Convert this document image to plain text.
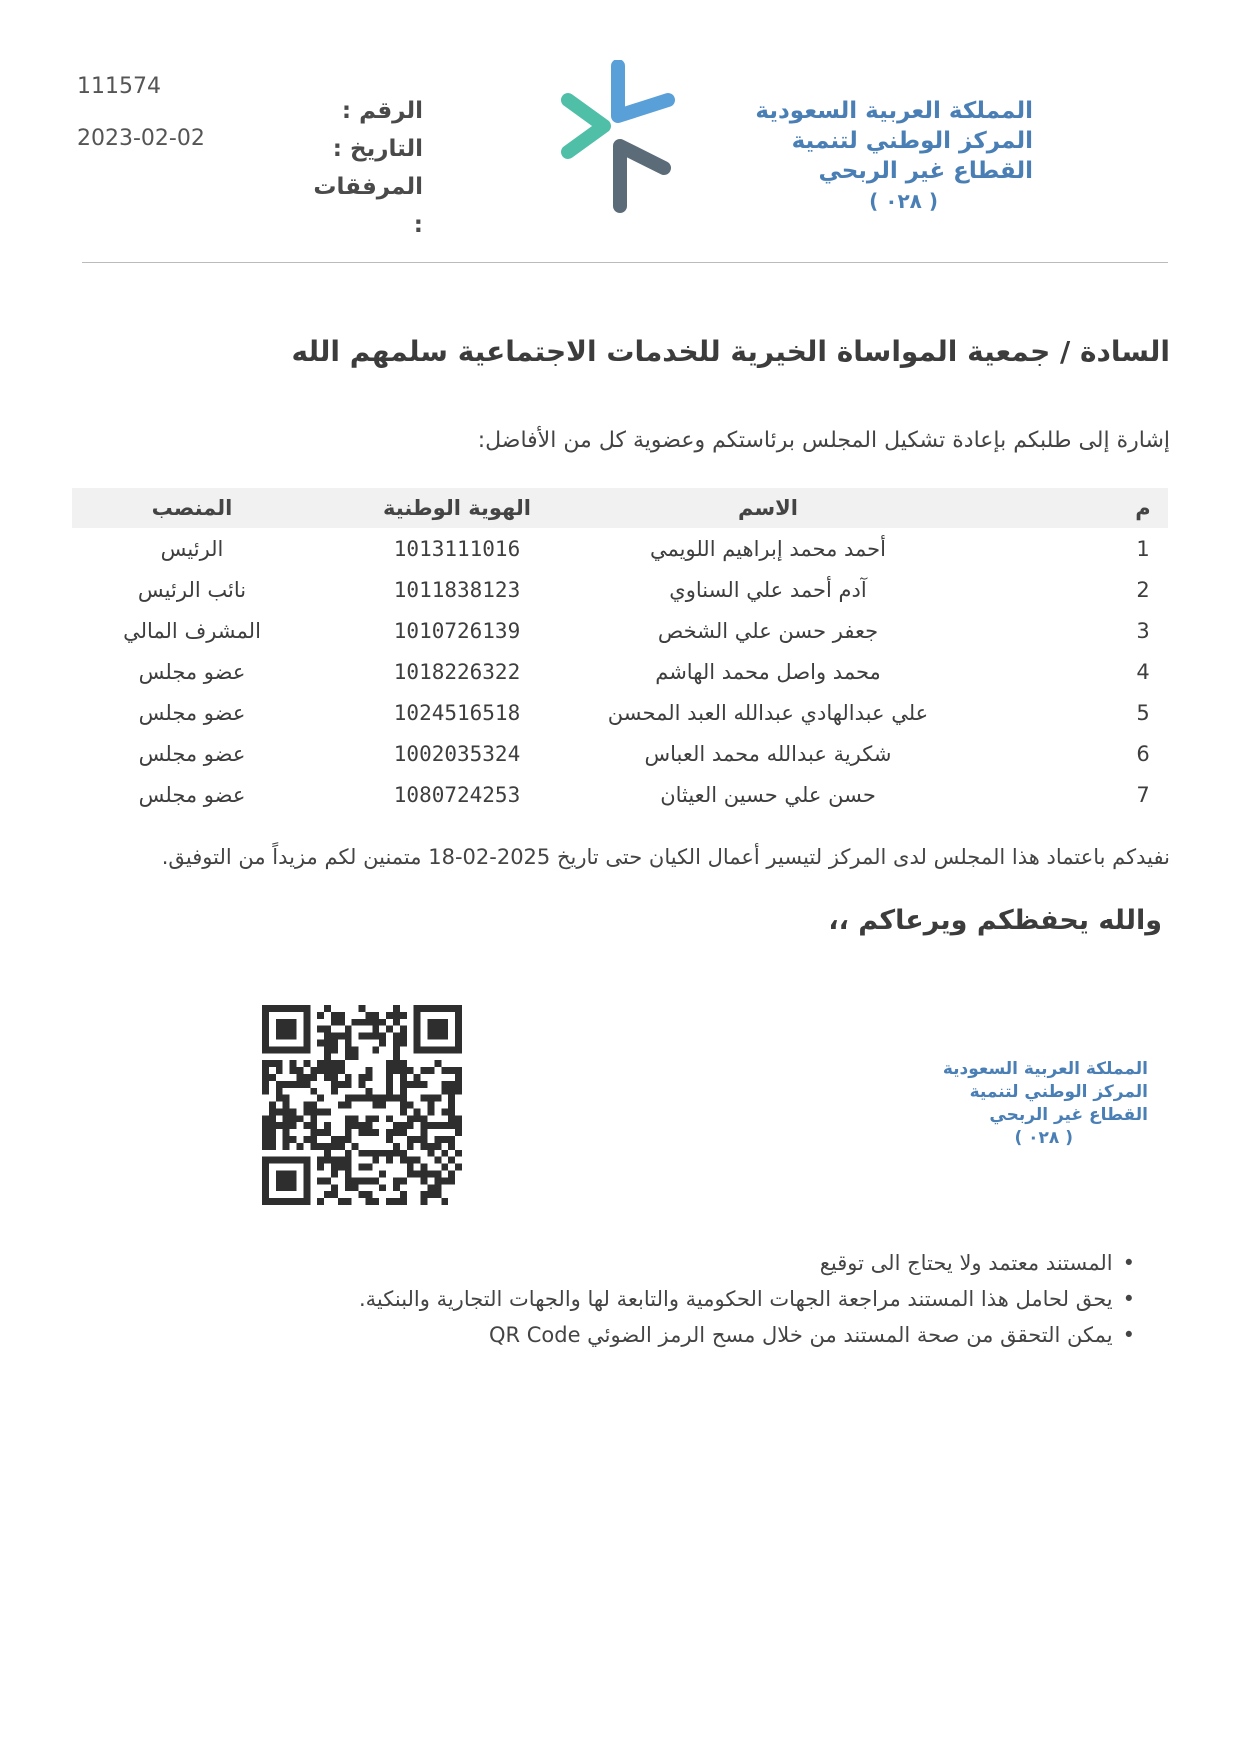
المملكة العربية السعودية
المركز الوطني لتنمية
القطاع غير الربحي
( ٠٢٨ )
الرقم :
التاريخ :
المرفقات :
111574
2023-02-02
السادة / جمعية المواساة الخيرية للخدمات الاجتماعية سلمهم الله
إشارة إلى طلبكم بإعادة تشكيل المجلس برئاستكم وعضوية كل من الأفاضل:
م
الاسم
الهوية الوطنية
المنصب
1
أحمد محمد إبراهيم اللويمي
1013111016
الرئيس
2
آدم أحمد علي السناوي
1011838123
نائب الرئيس
3
جعفر حسن علي الشخص
1010726139
المشرف المالي
4
محمد واصل محمد الهاشم
1018226322
عضو مجلس
5
علي عبدالهادي عبدالله العبد المحسن
1024516518
عضو مجلس
6
شكرية عبدالله محمد العباس
1002035324
عضو مجلس
7
حسن علي حسين العيثان
1080724253
عضو مجلس
نفيدكم باعتماد هذا المجلس لدى المركز لتيسير أعمال الكيان حتى تاريخ 2025-02-18 متمنين لكم مزيداً من التوفيق.
والله يحفظكم ويرعاكم ،،
المملكة العربية السعودية
المركز الوطني لتنمية
القطاع غير الربحي
( ٠٢٨ )
•المستند معتمد ولا يحتاج الى توقيع
•يحق لحامل هذا المستند مراجعة الجهات الحكومية والتابعة لها والجهات التجارية والبنكية.
•يمكن التحقق من صحة المستند من خلال مسح الرمز الضوئي QR Code
